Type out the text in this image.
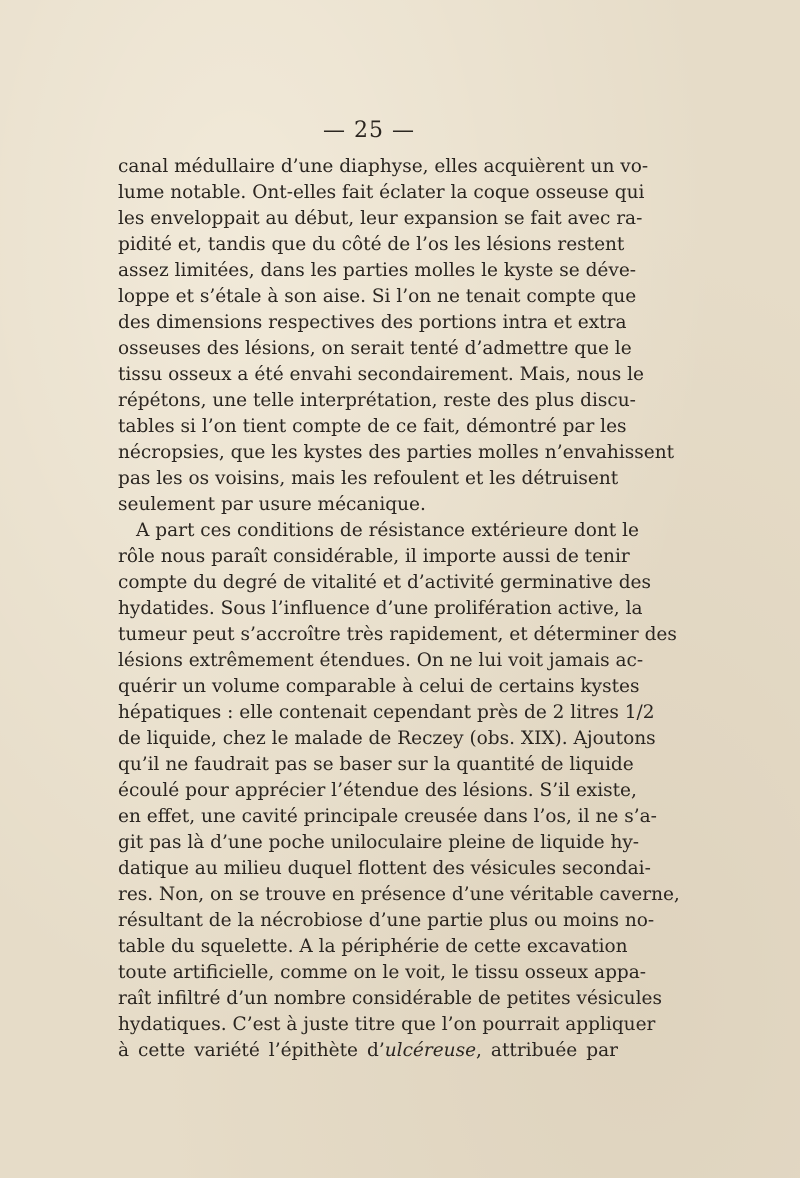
— 25 —
canal médullaire d’une diaphyse, elles acquièrent un vo-
lume notable. Ont-elles fait éclater la coque osseuse qui
les enveloppait au début, leur expansion se fait avec ra-
pidité et, tandis que du côté de l’os les lésions restent
assez limitées, dans les parties molles le kyste se déve-
loppe et s’étale à son aise. Si l’on ne tenait compte que
des dimensions respectives des portions intra et extra
osseuses des lésions, on serait tenté d’admettre que le
tissu osseux a été envahi secondairement. Mais, nous le
répétons, une telle interprétation, reste des plus discu-
tables si l’on tient compte de ce fait, démontré par les
nécropsies, que les kystes des parties molles n’envahissent
pas les os voisins, mais les refoulent et les détruisent
seulement par usure mécanique.
A part ces conditions de résistance extérieure dont le
rôle nous paraît considérable, il importe aussi de tenir
compte du degré de vitalité et d’activité germinative des
hydatides. Sous l’influence d’une prolifération active, la
tumeur peut s’accroître très rapidement, et déterminer des
lésions extrêmement étendues. On ne lui voit jamais ac-
quérir un volume comparable à celui de certains kystes
hépatiques : elle contenait cependant près de 2 litres 1/2
de liquide, chez le malade de Reczey (obs. XIX). Ajoutons
qu’il ne faudrait pas se baser sur la quantité de liquide
écoulé pour apprécier l’étendue des lésions. S’il existe,
en effet, une cavité principale creusée dans l’os, il ne s’a-
git pas là d’une poche uniloculaire pleine de liquide hy-
datique au milieu duquel flottent des vésicules secondai-
res. Non, on se trouve en présence d’une véritable caverne,
résultant de la nécrobiose d’une partie plus ou moins no-
table du squelette. A la périphérie de cette excavation
toute artificielle, comme on le voit, le tissu osseux appa-
raît infiltré d’un nombre considérable de petites vésicules
hydatiques. C’est à juste titre que l’on pourrait appliquer
à cette variété l’épithète d’ulcéreuse, attribuée par
